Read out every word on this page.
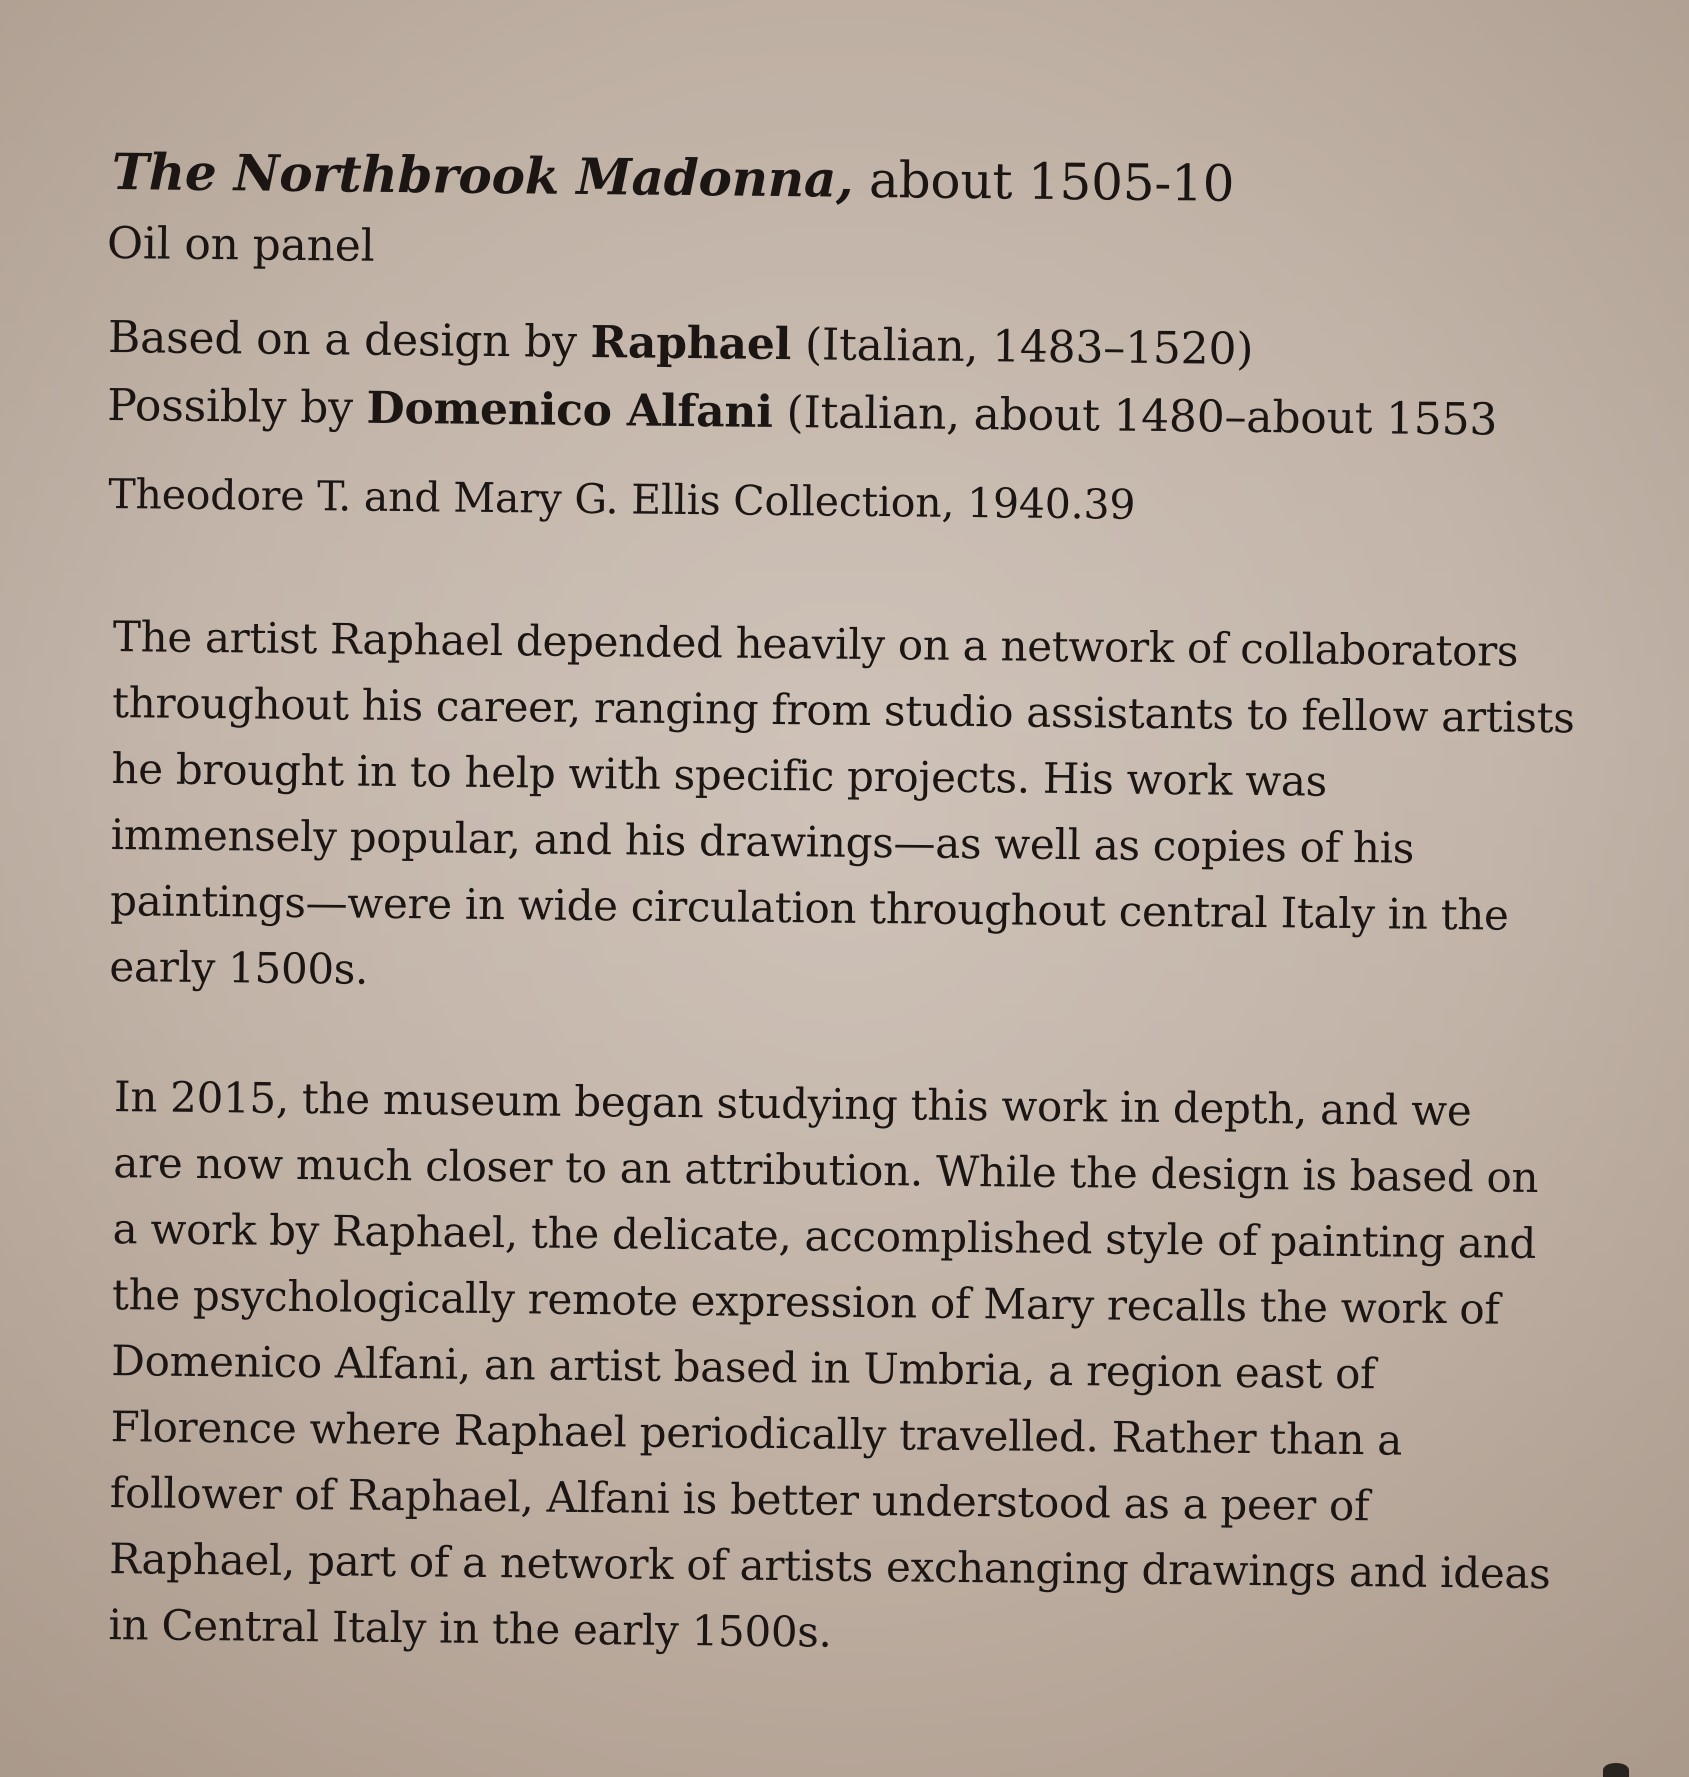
The Northbrook Madonna, about 1505-10
Oil on panel
Based on a design by Raphael (Italian, 1483–1520)
Possibly by Domenico Alfani (Italian, about 1480–about 1553
Theodore T. and Mary G. Ellis Collection, 1940.39
The artist Raphael depended heavily on a network of collaborators
throughout his career, ranging from studio assistants to fellow artists
he brought in to help with specific projects. His work was
immensely popular, and his drawings—as well as copies of his
paintings—were in wide circulation throughout central Italy in the
early 1500s.
In 2015, the museum began studying this work in depth, and we
are now much closer to an attribution. While the design is based on
a work by Raphael, the delicate, accomplished style of painting and
the psychologically remote expression of Mary recalls the work of
Domenico Alfani, an artist based in Umbria, a region east of
Florence where Raphael periodically travelled. Rather than a
follower of Raphael, Alfani is better understood as a peer of
Raphael, part of a network of artists exchanging drawings and ideas
in Central Italy in the early 1500s.
